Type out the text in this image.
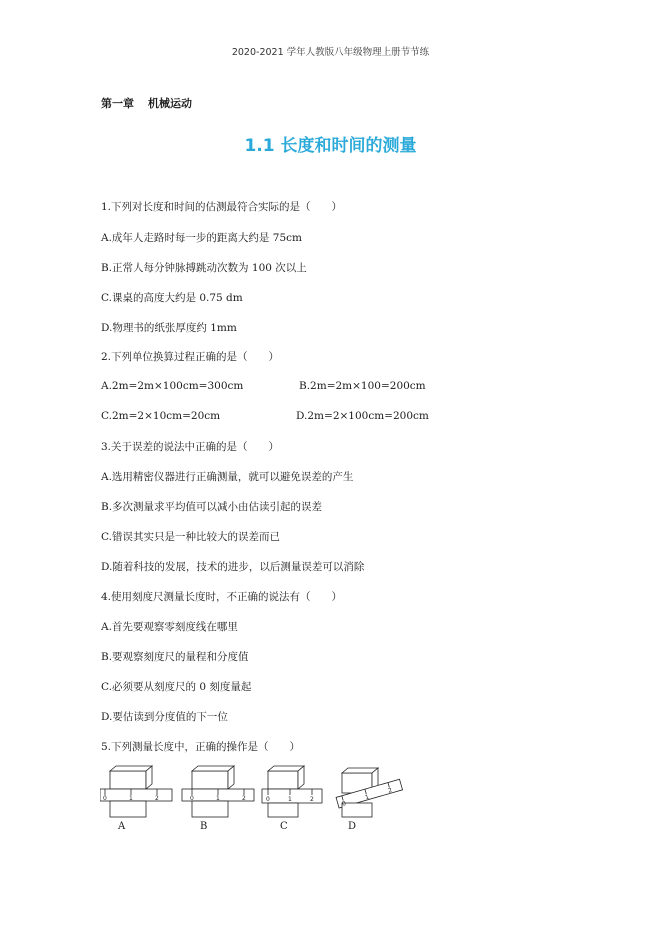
2020-2021 学年人教版八年级物理上册节节练
第一章 机械运动
1.1 长度和时间的测量
1.下列对长度和时间的估测最符合实际的是（　　）
A.成年人走路时每一步的距离大约是 75cm
B.正常人每分钟脉搏跳动次数为 100 次以上
C.课桌的高度大约是 0.75 dm
D.物理书的纸张厚度约 1mm
2.下列单位换算过程正确的是（　　）
A.2m=2m×100cm=300cm	B.2m=2m×100=200cm
C.2m=2×10cm=20cm	D.2m=2×100cm=200cm
3.关于误差的说法中正确的是（　　）
A.选用精密仪器进行正确测量，就可以避免误差的产生
B.多次测量求平均值可以减小由估读引起的误差
C.错误其实只是一种比较大的误差而已
D.随着科技的发展，技术的进步，以后测量误差可以消除
4.使用刻度尺测量长度时，不正确的说法有（　　）
A.首先要观察零刻度线在哪里
B.要观察刻度尺的量程和分度值
C.必须要从刻度尺的 0 刻度量起
D.要估读到分度值的下一位
5.下列测量长度中，正确的操作是（　　）
0	1	2	0	1	2	0	1	2
0
1
2
A	B	C	D
